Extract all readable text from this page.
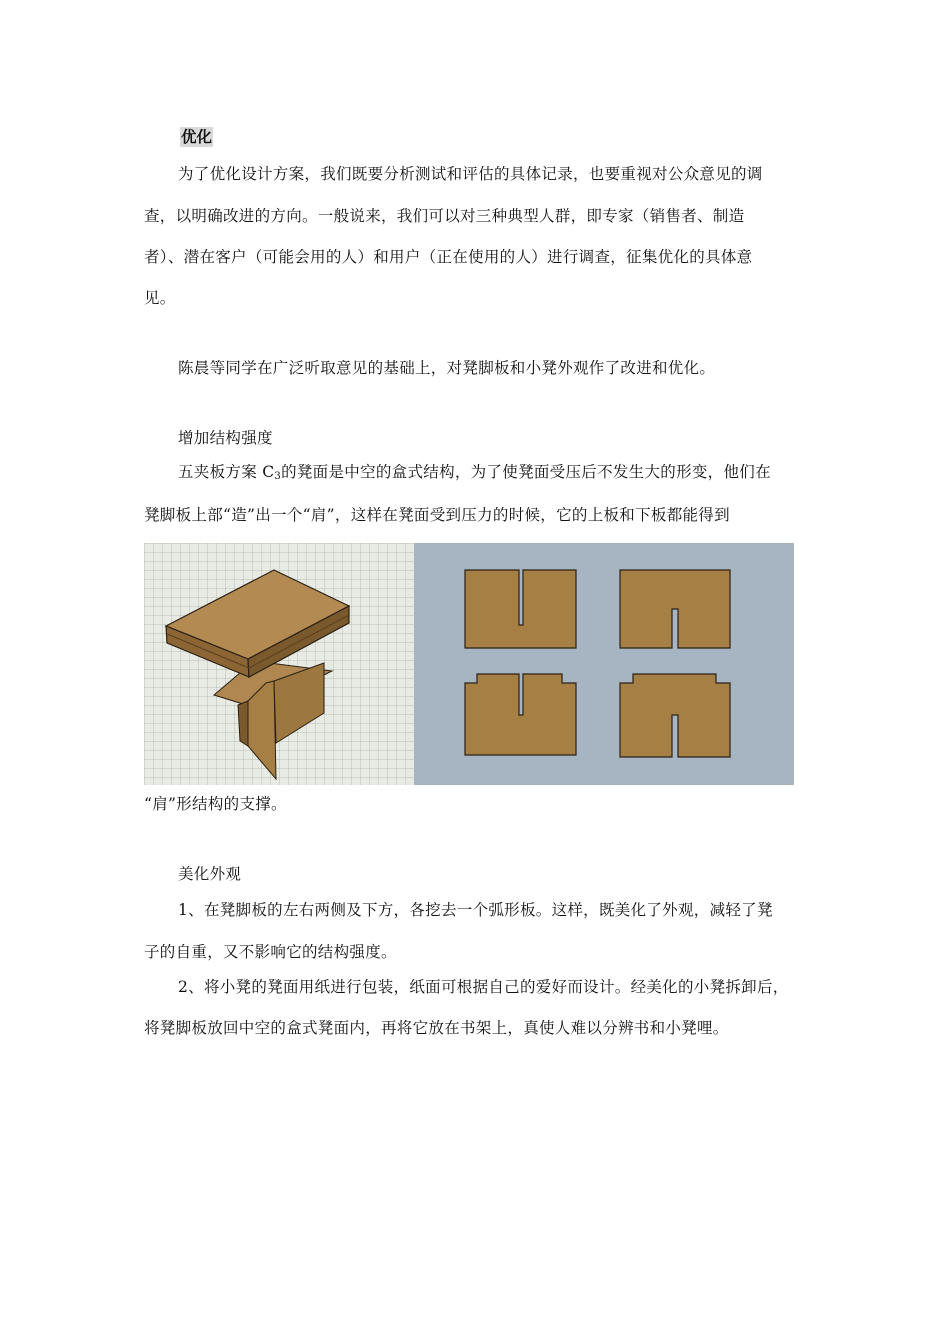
优化
为了优化设计方案，我们既要分析测试和评估的具体记录，也要重视对公众意见的调
查，以明确改进的方向。一般说来，我们可以对三种典型人群，即专家（销售者、制造
者）、潜在客户（可能会用的人）和用户（正在使用的人）进行调查，征集优化的具体意
见。
陈晨等同学在广泛听取意见的基础上，对凳脚板和小凳外观作了改进和优化。
增加结构强度
五夹板方案 $C_3$的凳面是中空的盒式结构，为了使凳面受压后不发生大的形变，他们在
凳脚板上部“造”出一个“肩”，这样在凳面受到压力的时候，它的上板和下板都能得到
“肩”形结构的支撑。
美化外观
1、在凳脚板的左右两侧及下方，各挖去一个弧形板。这样，既美化了外观，减轻了凳
子的自重，又不影响它的结构强度。
2、将小凳的凳面用纸进行包装，纸面可根据自己的爱好而设计。经美化的小凳拆卸后，
将凳脚板放回中空的盒式凳面内，再将它放在书架上，真使人难以分辨书和小凳哩。
